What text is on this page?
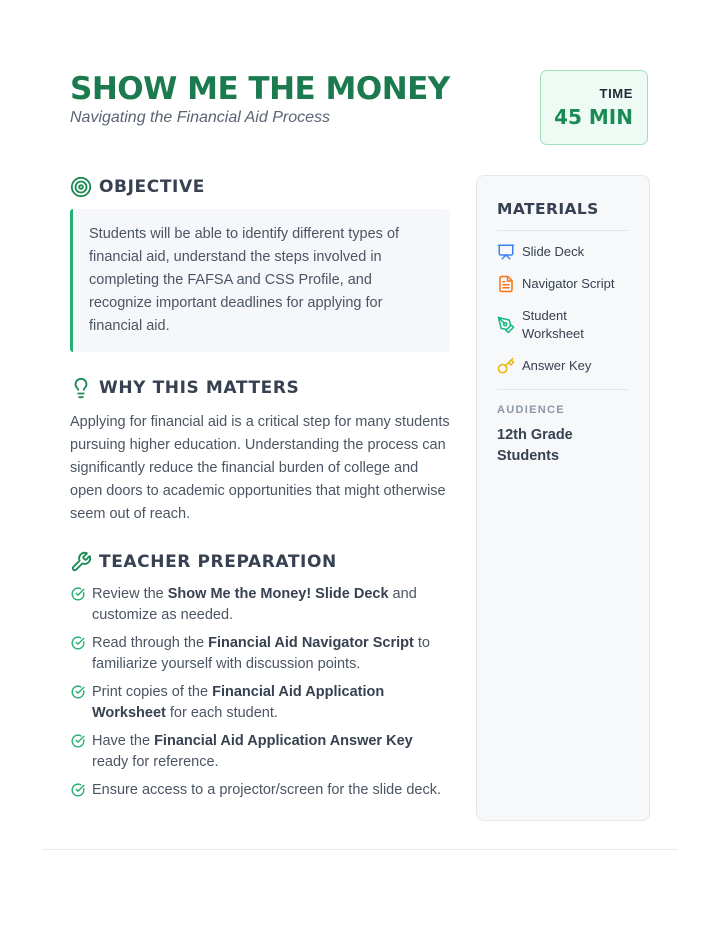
SHOW ME THE MONEY
Navigating the Financial Aid Process
TIME
45 MIN
OBJECTIVE
Students will be able to identify different types of financial aid, understand the steps involved in completing the FAFSA and CSS Profile, and recognize important deadlines for applying for financial aid.
WHY THIS MATTERS
Applying for financial aid is a critical step for many students pursuing higher education. Understanding the process can significantly reduce the financial burden of college and open doors to academic opportunities that might otherwise seem out of reach.
TEACHER PREPARATION
Review the Show Me the Money! Slide Deck and customize as needed.
Read through the Financial Aid Navigator Script to familiarize yourself with discussion points.
Print copies of the Financial Aid Application Worksheet for each student.
Have the Financial Aid Application Answer Key ready for reference.
Ensure access to a projector/screen for the slide deck.
MATERIALS
Slide Deck
Navigator Script
Student Worksheet
Answer Key
AUDIENCE
12th Grade Students
